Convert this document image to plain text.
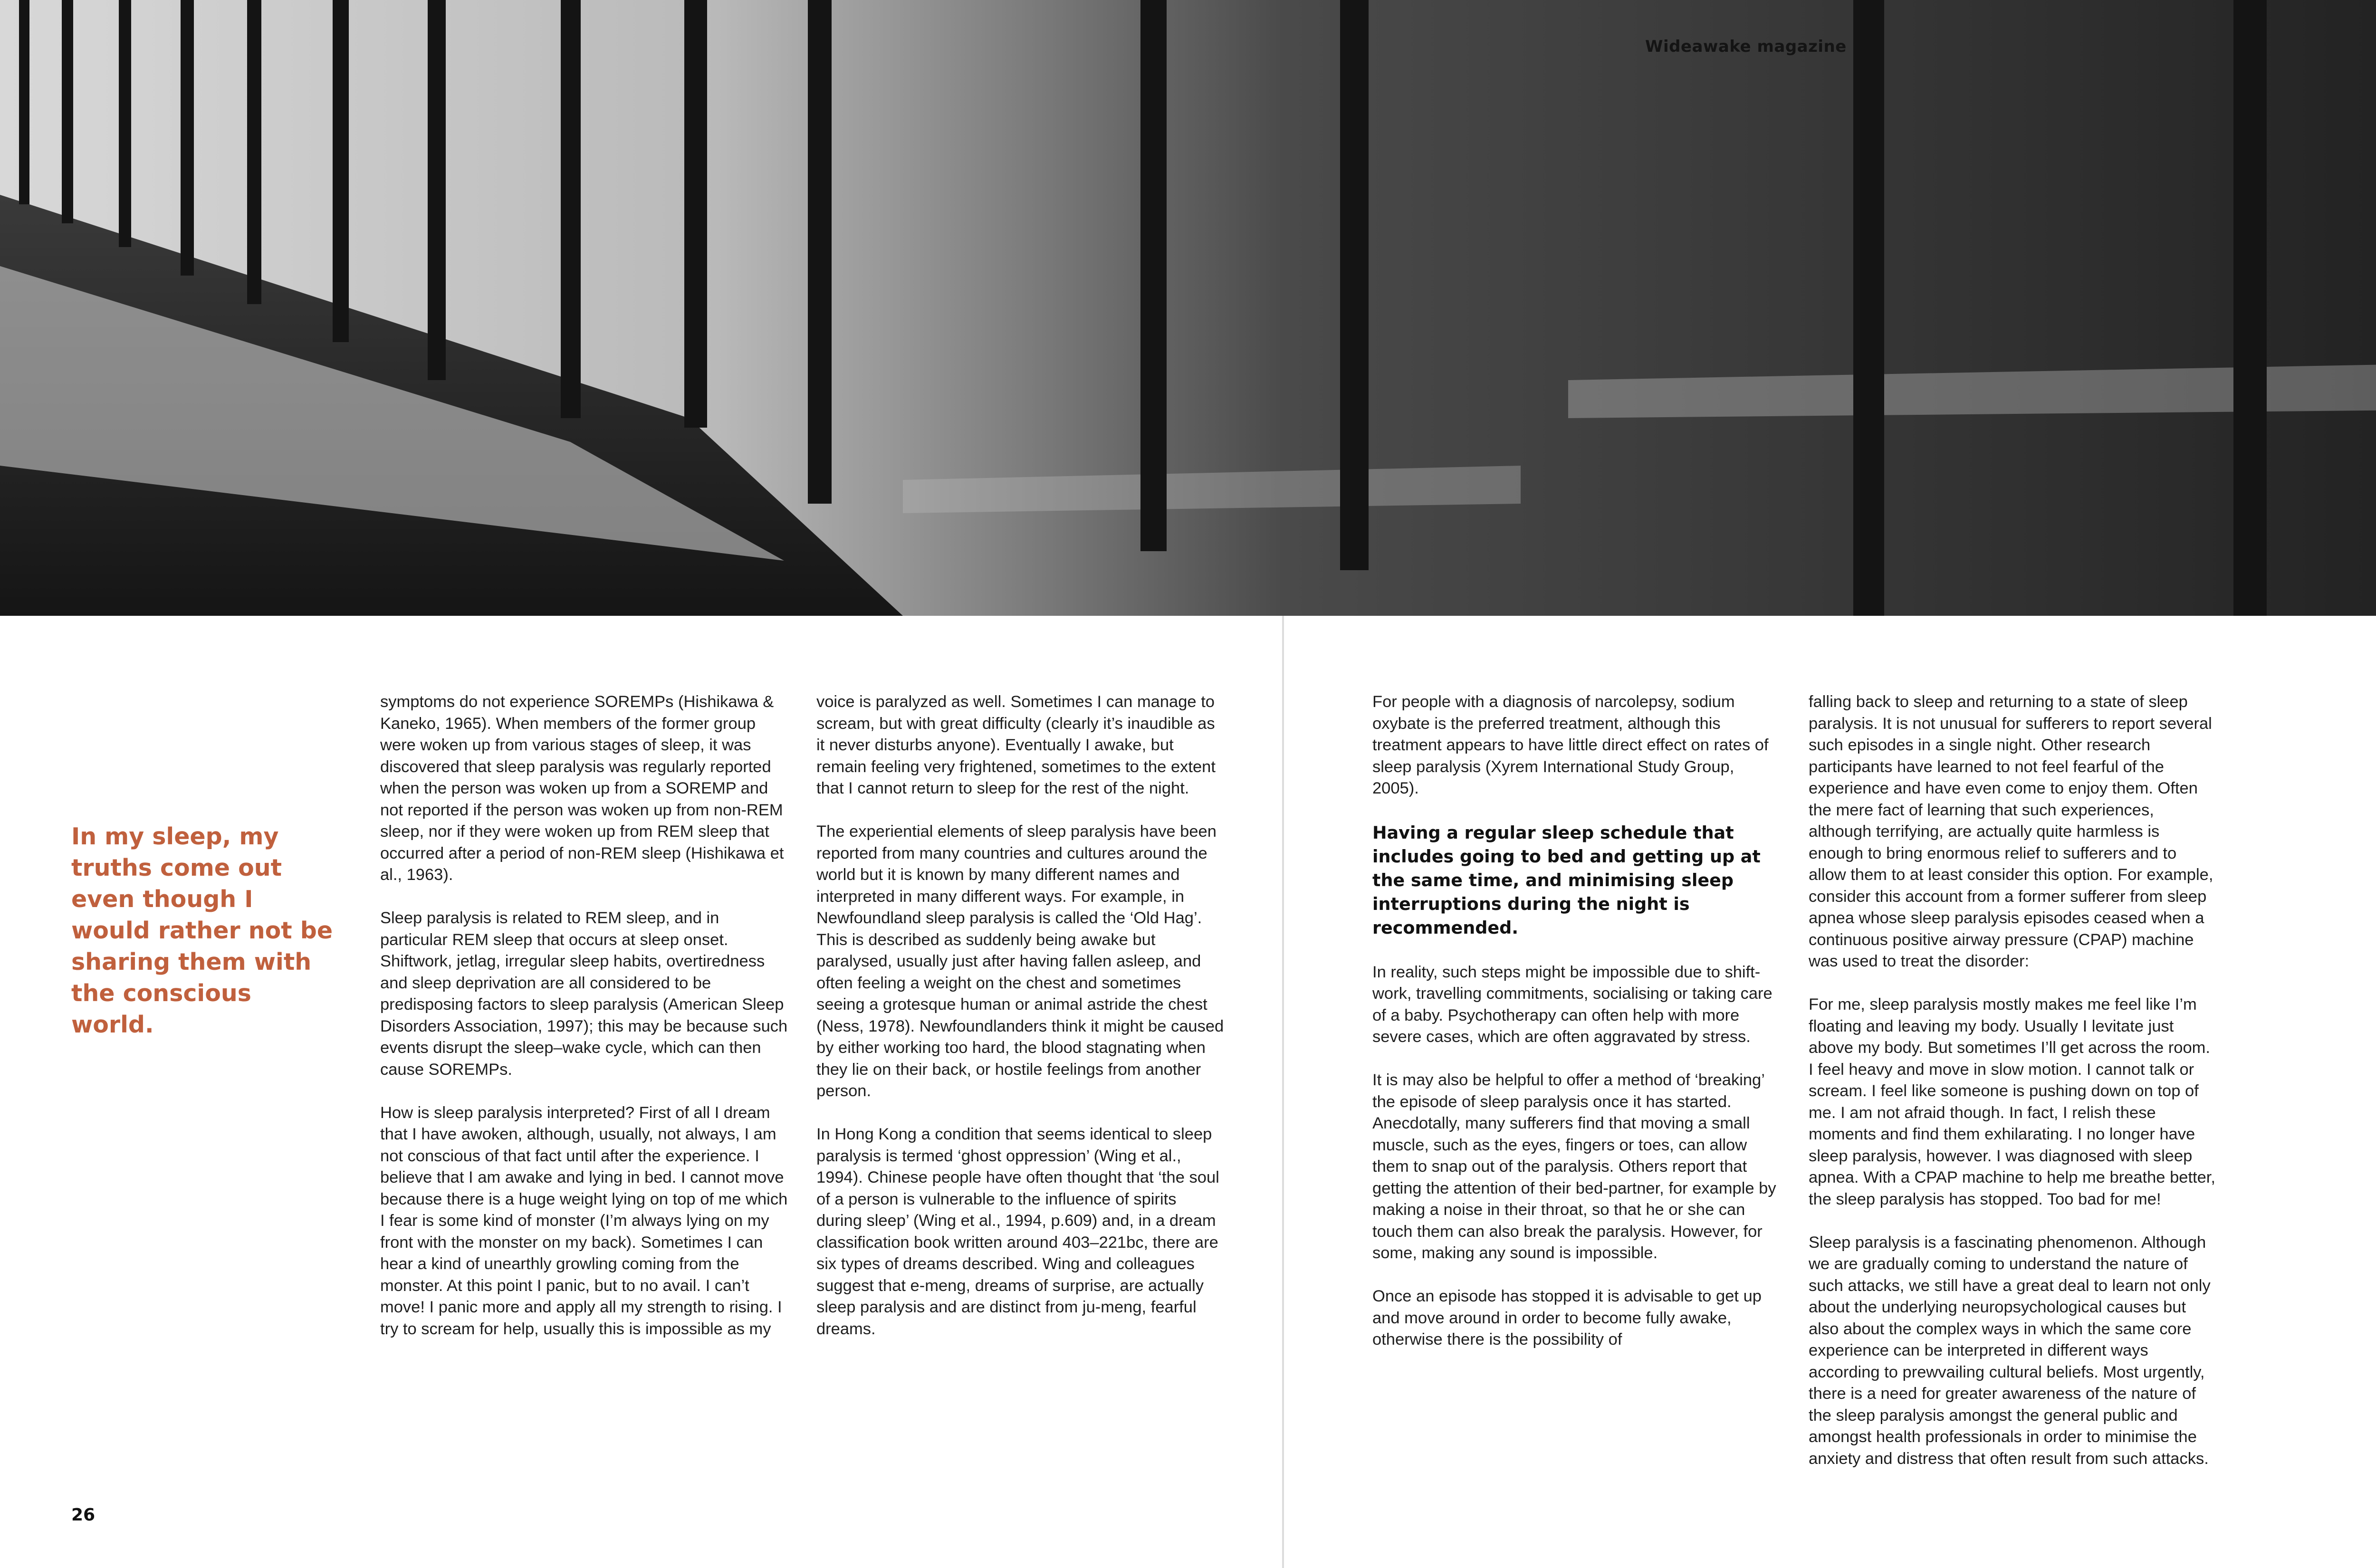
Wideawake magazine
In my sleep, my truths come out even though I would rather not be sharing them with the conscious world.

symptoms do not experience SOREMPs (Hishikawa & Kaneko, 1965). When members of the former group were woken up from various stages of sleep, it was discovered that sleep paralysis was regularly reported when the person was woken up from a SOREMP and not reported if the person was woken up from non-REM sleep, nor if they were woken up from REM sleep that occurred after a period of non-REM sleep (Hishikawa et al., 1963).

Sleep paralysis is related to REM sleep, and in particular REM sleep that occurs at sleep onset. Shiftwork, jetlag, irregular sleep habits, overtiredness and sleep deprivation are all considered to be predisposing factors to sleep paralysis (American Sleep Disorders Association, 1997); this may be because such events disrupt the sleep–wake cycle, which can then cause SOREMPs.

How is sleep paralysis interpreted? First of all I dream that I have awoken, although, usually, not always, I am not conscious of that fact until after the experience. I believe that I am awake and lying in bed. I cannot move because there is a huge weight lying on top of me which I fear is some kind of monster (I’m always lying on my front with the monster on my back). Sometimes I can hear a kind of unearthly growling coming from the monster. At this point I panic, but to no avail. I can’t move! I panic more and apply all my strength to rising. I try to scream for help, usually this is impossible as my

voice is paralyzed as well. Sometimes I can manage to scream, but with great difficulty (clearly it’s inaudible as it never disturbs anyone). Eventually I awake, but remain feeling very frightened, sometimes to the extent that I cannot return to sleep for the rest of the night.

The experiential elements of sleep paralysis have been reported from many countries and cultures around the world but it is known by many different names and interpreted in many different ways. For example, in Newfoundland sleep paralysis is called the ‘Old Hag’. This is described as suddenly being awake but paralysed, usually just after having fallen asleep, and often feeling a weight on the chest and sometimes seeing a grotesque human or animal astride the chest (Ness, 1978). Newfoundlanders think it might be caused by either working too hard, the blood stagnating when they lie on their back, or hostile feelings from another person.

In Hong Kong a condition that seems identical to sleep paralysis is termed ‘ghost oppression’ (Wing et al., 1994). Chinese people have often thought that ‘the soul of a person is vulnerable to the influence of spirits during sleep’ (Wing et al., 1994, p.609) and, in a dream classification book written around 403–221bc, there are six types of dreams described. Wing and colleagues suggest that e-meng, dreams of surprise, are actually sleep paralysis and are distinct from ju-meng, fearful dreams.

For people with a diagnosis of narcolepsy, sodium oxybate is the preferred treatment, although this treatment appears to have little direct effect on rates of sleep paralysis (Xyrem International Study Group, 2005).

Having a regular sleep schedule that includes going to bed and getting up at the same time, and minimising sleep interruptions during the night is recommended.

In reality, such steps might be impossible due to shift-work, travelling commitments, socialising or taking care of a baby. Psychotherapy can often help with more severe cases, which are often aggravated by stress.

It is may also be helpful to offer a method of ‘breaking’ the episode of sleep paralysis once it has started. Anecdotally, many sufferers find that moving a small muscle, such as the eyes, fingers or toes, can allow them to snap out of the paralysis. Others report that getting the attention of their bed-partner, for example by making a noise in their throat, so that he or she can touch them can also break the paralysis. However, for some, making any sound is impossible.

Once an episode has stopped it is advisable to get up and move around in order to become fully awake, otherwise there is the possibility of

falling back to sleep and returning to a state of sleep paralysis. It is not unusual for sufferers to report several such episodes in a single night. Other research participants have learned to not feel fearful of the experience and have even come to enjoy them. Often the mere fact of learning that such experiences, although terrifying, are actually quite harmless is enough to bring enormous relief to sufferers and to allow them to at least consider this option. For example, consider this account from a former sufferer from sleep apnea whose sleep paralysis episodes ceased when a continuous positive airway pressure (CPAP) machine was used to treat the disorder:

For me, sleep paralysis mostly makes me feel like I’m floating and leaving my body. Usually I levitate just above my body. But sometimes I’ll get across the room. I feel heavy and move in slow motion. I cannot talk or scream. I feel like someone is pushing down on top of me. I am not afraid though. In fact, I relish these moments and find them exhilarating. I no longer have sleep paralysis, however. I was diagnosed with sleep apnea. With a CPAP machine to help me breathe better, the sleep paralysis has stopped. Too bad for me!

Sleep paralysis is a fascinating phenomenon. Although we are gradually coming to understand the nature of such attacks, we still have a great deal to learn not only about the underlying neuropsychological causes but also about the complex ways in which the same core experience can be interpreted in different ways according to prewvailing cultural beliefs. Most urgently, there is a need for greater awareness of the nature of the sleep paralysis amongst the general public and amongst health professionals in order to minimise the anxiety and distress that often result from such attacks.

26
